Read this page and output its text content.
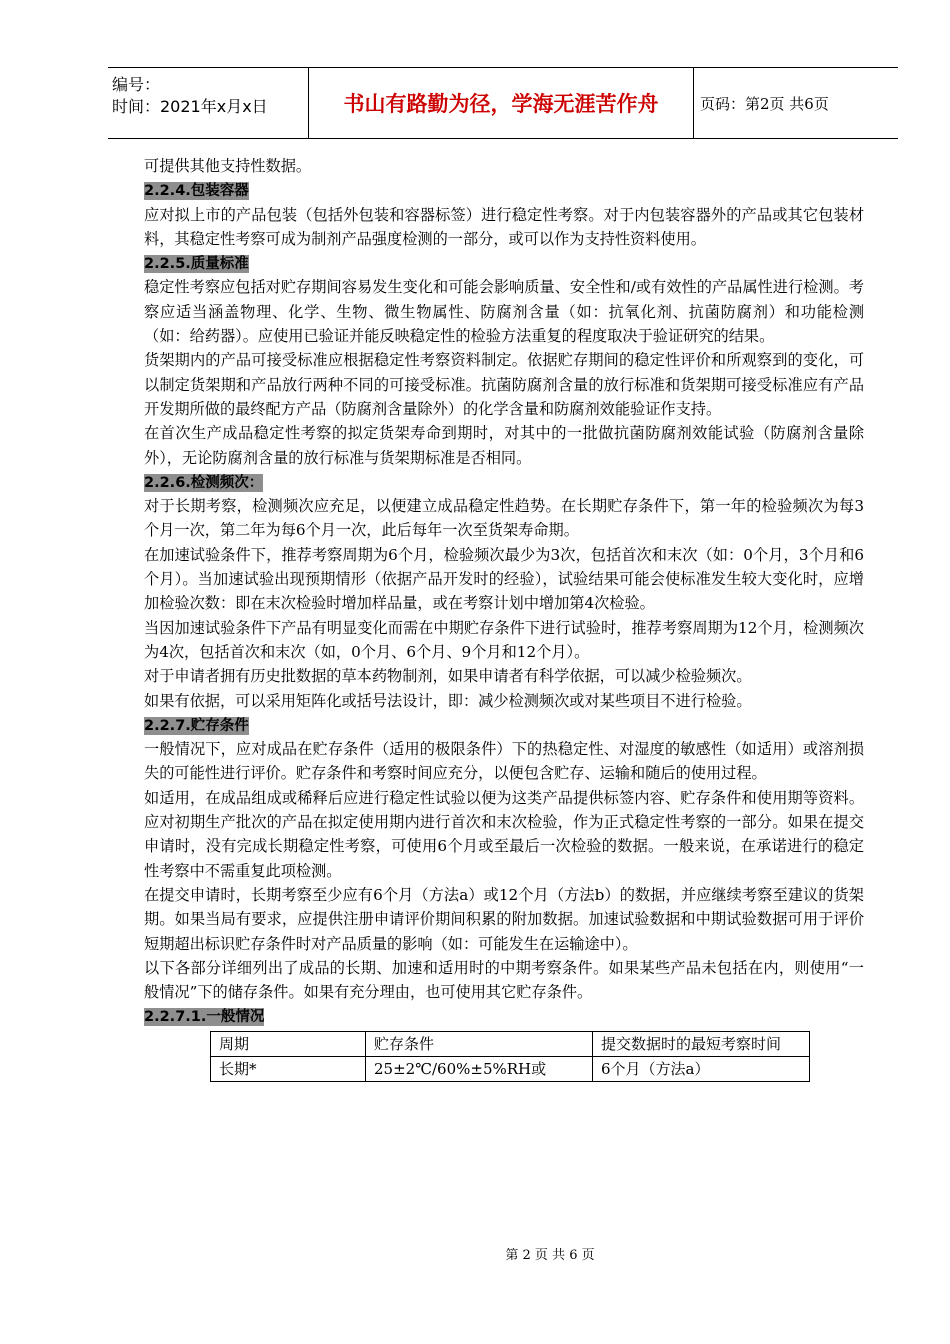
编号：
时间：2021年x月x日	书山有路勤为径，学海无涯苦作舟	页码：第2页 共6页

可提供其他支持性数据。

2.2.4.包装容器

应对拟上市的产品包装（包括外包装和容器标签）进行稳定性考察。对于内包装容器外的产品或其它包装材料，其稳定性考察可成为制剂产品强度检测的一部分，或可以作为支持性资料使用。

2.2.5.质量标准

稳定性考察应包括对贮存期间容易发生变化和可能会影响质量、安全性和/或有效性的产品属性进行检测。考察应适当涵盖物理、化学、生物、微生物属性、防腐剂含量（如：抗氧化剂、抗菌防腐剂）和功能检测（如：给药器）。应使用已验证并能反映稳定性的检验方法重复的程度取决于验证研究的结果。

货架期内的产品可接受标准应根据稳定性考察资料制定。依据贮存期间的稳定性评价和所观察到的变化，可以制定货架期和产品放行两种不同的可接受标准。抗菌防腐剂含量的放行标准和货架期可接受标准应有产品开发期所做的最终配方产品（防腐剂含量除外）的化学含量和防腐剂效能验证作支持。

在首次生产成品稳定性考察的拟定货架寿命到期时，对其中的一批做抗菌防腐剂效能试验（防腐剂含量除外），无论防腐剂含量的放行标准与货架期标准是否相同。

2.2.6.检测频次：

对于长期考察，检测频次应充足，以便建立成品稳定性趋势。在长期贮存条件下，第一年的检验频次为每3个月一次，第二年为每6个月一次，此后每年一次至货架寿命期。

在加速试验条件下，推荐考察周期为6个月，检验频次最少为3次，包括首次和末次（如：0个月，3个月和6个月）。当加速试验出现预期情形（依据产品开发时的经验），试验结果可能会使标准发生较大变化时，应增加检验次数：即在末次检验时增加样品量，或在考察计划中增加第4次检验。

当因加速试验条件下产品有明显变化而需在中期贮存条件下进行试验时，推荐考察周期为12个月，检测频次为4次，包括首次和末次（如，0个月、6个月、9个月和12个月）。

对于申请者拥有历史批数据的草本药物制剂，如果申请者有科学依据，可以减少检验频次。

如果有依据，可以采用矩阵化或括号法设计，即：减少检测频次或对某些项目不进行检验。

2.2.7.贮存条件

一般情况下，应对成品在贮存条件（适用的极限条件）下的热稳定性、对湿度的敏感性（如适用）或溶剂损失的可能性进行评价。贮存条件和考察时间应充分，以便包含贮存、运输和随后的使用过程。

如适用，在成品组成或稀释后应进行稳定性试验以便为这类产品提供标签内容、贮存条件和使用期等资料。应对初期生产批次的产品在拟定使用期内进行首次和末次检验，作为正式稳定性考察的一部分。如果在提交申请时，没有完成长期稳定性考察，可使用6个月或至最后一次检验的数据。一般来说，在承诺进行的稳定性考察中不需重复此项检测。

在提交申请时，长期考察至少应有6个月（方法a）或12个月（方法b）的数据，并应继续考察至建议的货架期。如果当局有要求，应提供注册申请评价期间积累的附加数据。加速试验数据和中期试验数据可用于评价短期超出标识贮存条件时对产品质量的影响（如：可能发生在运输途中）。

以下各部分详细列出了成品的长期、加速和适用时的中期考察条件。如果某些产品未包括在内，则使用“一般情况”下的储存条件。如果有充分理由，也可使用其它贮存条件。

2.2.7.1.一般情况
周期	贮存条件	提交数据时的最短考察时间
长期*	25±2℃/60%±5%RH或	6个月（方法a）
第 2 页 共 6 页
